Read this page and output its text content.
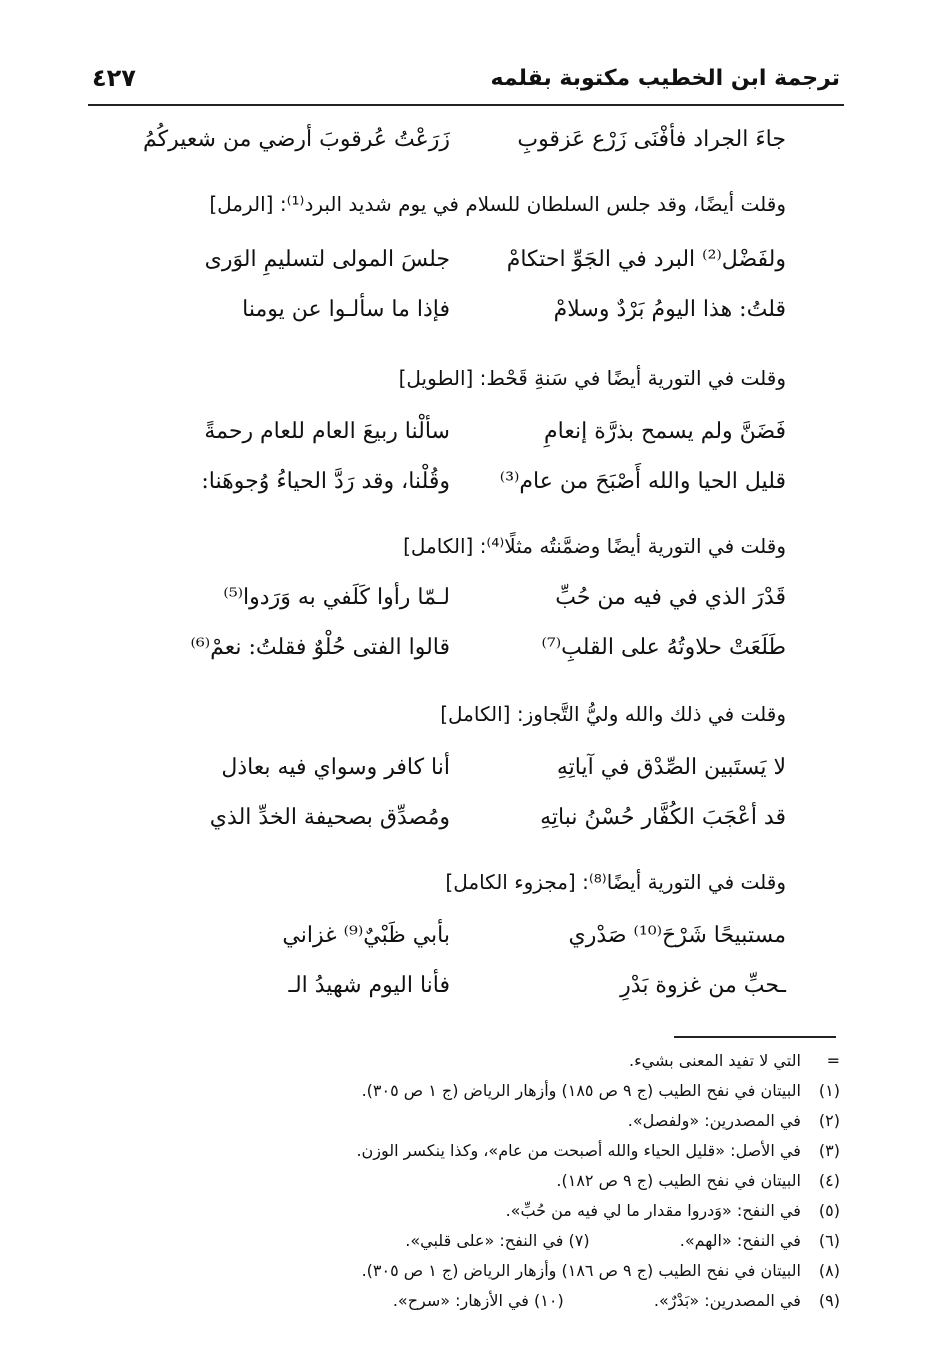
ترجمة ابن الخطيب مكتوبة بقلمه
٤٢٧
زَرَعْتُ عُرقوبَ أرضي من شعيركُمُ	جاءَ الجراد فأفْنَى زَرْع عَزقوبِ
وقلت أيضًا، وقد جلس السلطان للسلام في يوم شديد البرد⁽¹⁾: [الرمل]
جلسَ المولى لتسليمِ الوَرى	ولفَضْل⁽²⁾ البرد في الجَوِّ احتكامْ
فإذا ما سألـوا عن يومنا	قلتُ: هذا اليومُ بَرْدٌ وسلامْ
وقلت في التورية أيضًا في سَنةِ قَحْط: [الطويل]
سألْنا ربيعَ العام للعام رحمةً	فَضَنَّ ولم يسمح بذرَّة إنعامِ
وقُلْنا، وقد رَدَّ الحياءُ وُجوهَنا:	قليل الحيا والله أَصْبَحَ من عام⁽³⁾
وقلت في التورية أيضًا وضمَّنتُه مثلًا⁽⁴⁾: [الكامل]
لـمّا رأوا كَلَفي به وَرَدوا⁽⁵⁾	قَدْرَ الذي في فيه من حُبِّ
قالوا الفتى حُلْوٌ فقلتُ: نعمْ⁽⁶⁾	طَلَعَتْ حلاوتُهُ على القلبِ⁽⁷⁾
وقلت في ذلك والله وليُّ التَّجاوز: [الكامل]
أنا كافر وسواي فيه بعاذل	لا يَستَبين الصِّدْق في آياتِهِ
ومُصدِّق بصحيفة الخدِّ الذي	قد أعْجَبَ الكُفَّار حُسْنُ نباتِهِ
وقلت في التورية أيضًا⁽⁸⁾: [مجزوء الكامل]
بأبي ظَبْيٌ⁽⁹⁾ غزاني	مستبيحًا شَرْحَ⁽¹⁰⁾ صَدْري
فأنا اليوم شهيدُ الـ	ـحبِّ من غزوة بَدْرِ
= التي لا تفيد المعنى بشيء.
(١) البيتان في نفح الطيب (ج ٩ ص ١٨٥) وأزهار الرياض (ج ١ ص ٣٠٥).
(٢) في المصدرين: «ولفصل».
(٣) في الأصل: «قليل الحياء والله أصبحت من عام»، وكذا ينكسر الوزن.
(٤) البيتان في نفح الطيب (ج ٩ ص ١٨٢).
(٥) في النفح: «وَدروا مقدار ما لي فيه من حُبِّ».
(٦) في النفح: «الهم».  (٧) في النفح: «على قلبي».
(٨) البيتان في نفح الطيب (ج ٩ ص ١٨٦) وأزهار الرياض (ج ١ ص ٣٠٥).
(٩) في المصدرين: «بَدْرٌ».  (١٠) في الأزهار: «سرح».
